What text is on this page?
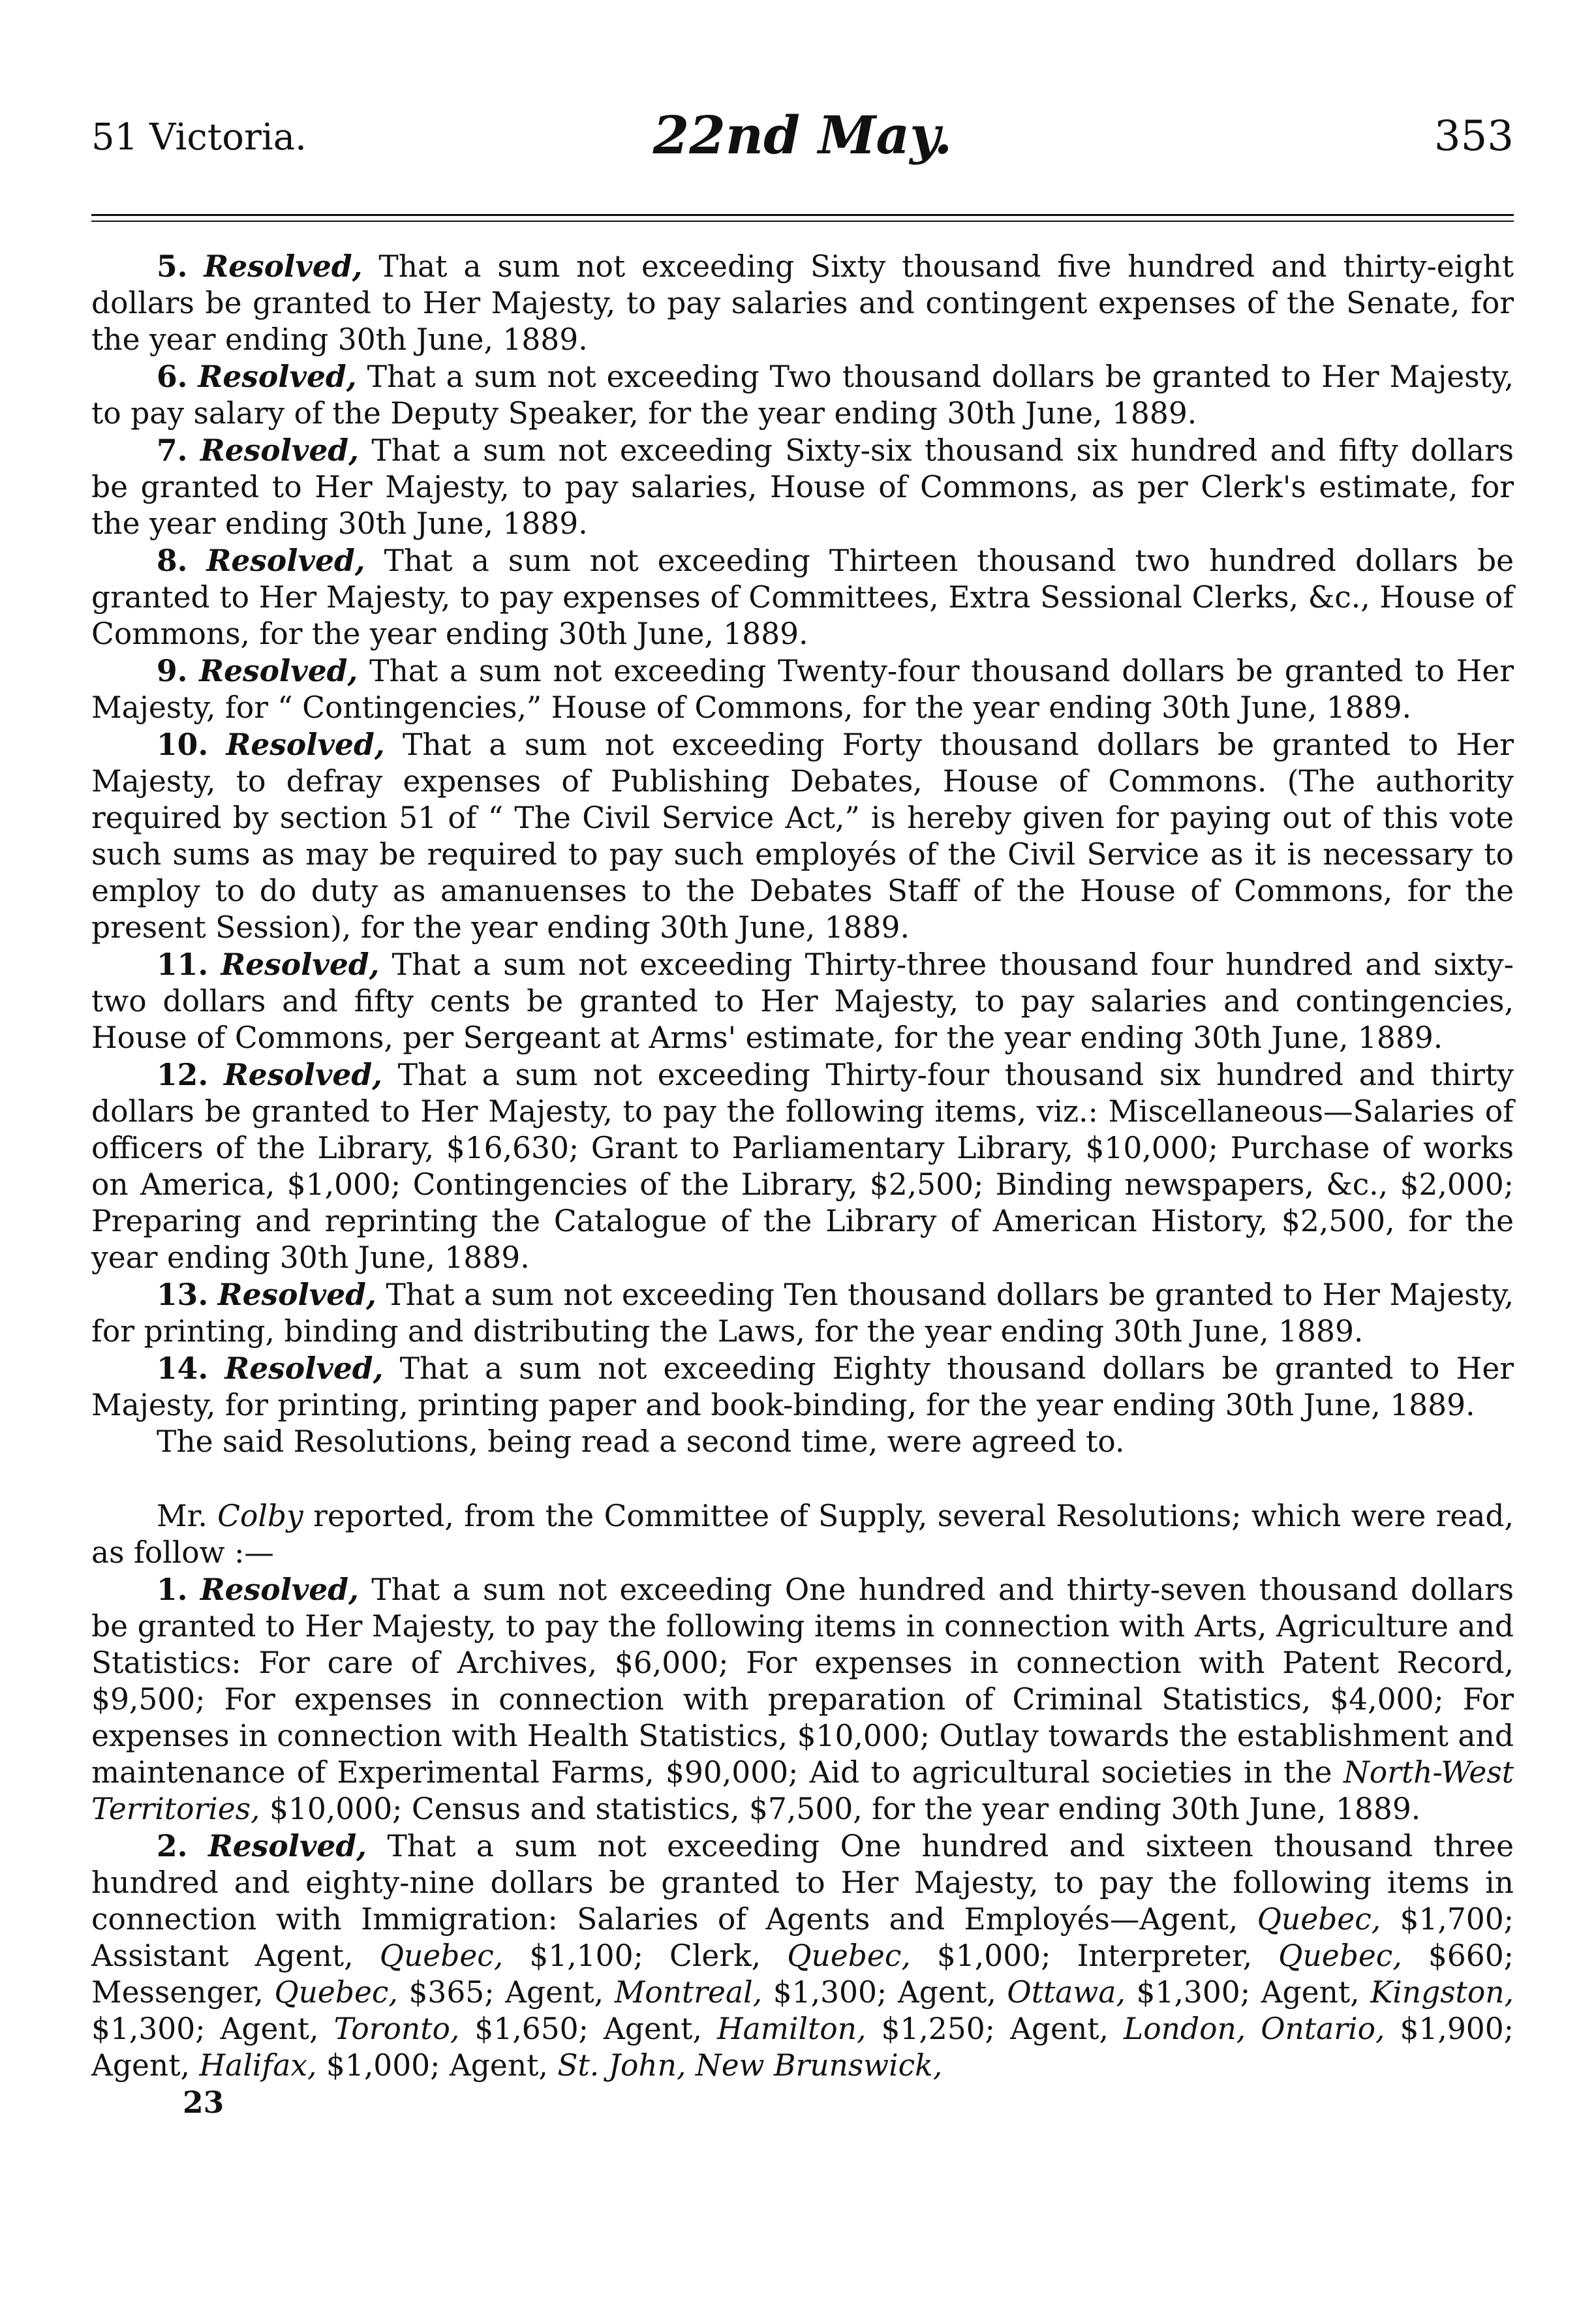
51 Victoria.	22nd May.	353

5. Resolved, That a sum not exceeding Sixty thousand five hundred and thirty-eight dollars be granted to Her Majesty, to pay salaries and contingent expenses of the Senate, for the year ending 30th June, 1889.

6. Resolved, That a sum not exceeding Two thousand dollars be granted to Her Majesty, to pay salary of the Deputy Speaker, for the year ending 30th June, 1889.

7. Resolved, That a sum not exceeding Sixty-six thousand six hundred and fifty dollars be granted to Her Majesty, to pay salaries, House of Commons, as per Clerk's estimate, for the year ending 30th June, 1889.

8. Resolved, That a sum not exceeding Thirteen thousand two hundred dollars be granted to Her Majesty, to pay expenses of Committees, Extra Sessional Clerks, &c., House of Commons, for the year ending 30th June, 1889.

9. Resolved, That a sum not exceeding Twenty-four thousand dollars be granted to Her Majesty, for “ Contingencies,” House of Commons, for the year ending 30th June, 1889.

10. Resolved, That a sum not exceeding Forty thousand dollars be granted to Her Majesty, to defray expenses of Publishing Debates, House of Commons. (The authority required by section 51 of “ The Civil Service Act,” is hereby given for paying out of this vote such sums as may be required to pay such employés of the Civil Service as it is necessary to employ to do duty as amanuenses to the Debates Staff of the House of Commons, for the present Session), for the year ending 30th June, 1889.

11. Resolved, That a sum not exceeding Thirty-three thousand four hundred and sixty-two dollars and fifty cents be granted to Her Majesty, to pay salaries and contingencies, House of Commons, per Sergeant at Arms' estimate, for the year ending 30th June, 1889.

12. Resolved, That a sum not exceeding Thirty-four thousand six hundred and thirty dollars be granted to Her Majesty, to pay the following items, viz.: Miscellaneous—Salaries of officers of the Library, $16,630; Grant to Parliamentary Library, $10,000; Purchase of works on America, $1,000; Contingencies of the Library, $2,500; Binding newspapers, &c., $2,000; Preparing and reprinting the Catalogue of the Library of American History, $2,500, for the year ending 30th June, 1889.

13. Resolved, That a sum not exceeding Ten thousand dollars be granted to Her Majesty, for printing, binding and distributing the Laws, for the year ending 30th June, 1889.

14. Resolved, That a sum not exceeding Eighty thousand dollars be granted to Her Majesty, for printing, printing paper and book-binding, for the year ending 30th June, 1889.

The said Resolutions, being read a second time, were agreed to.

Mr. Colby reported, from the Committee of Supply, several Resolutions; which were read, as follow :—

1. Resolved, That a sum not exceeding One hundred and thirty-seven thousand dollars be granted to Her Majesty, to pay the following items in connection with Arts, Agriculture and Statistics: For care of Archives, $6,000; For expenses in connection with Patent Record, $9,500; For expenses in connection with preparation of Criminal Statistics, $4,000; For expenses in connection with Health Statistics, $10,000; Outlay towards the establishment and maintenance of Experimental Farms, $90,000; Aid to agricultural societies in the North-West Territories, $10,000; Census and statistics, $7,500, for the year ending 30th June, 1889.

2. Resolved, That a sum not exceeding One hundred and sixteen thousand three hundred and eighty-nine dollars be granted to Her Majesty, to pay the following items in connection with Immigration: Salaries of Agents and Employés—Agent, Quebec, $1,700; Assistant Agent, Quebec, $1,100; Clerk, Quebec, $1,000; Interpreter, Quebec, $660; Messenger, Quebec, $365; Agent, Montreal, $1,300; Agent, Ottawa, $1,300; Agent, Kingston, $1,300; Agent, Toronto, $1,650; Agent, Hamilton, $1,250; Agent, London, Ontario, $1,900; Agent, Halifax, $1,000; Agent, St. John, New Brunswick,

23
